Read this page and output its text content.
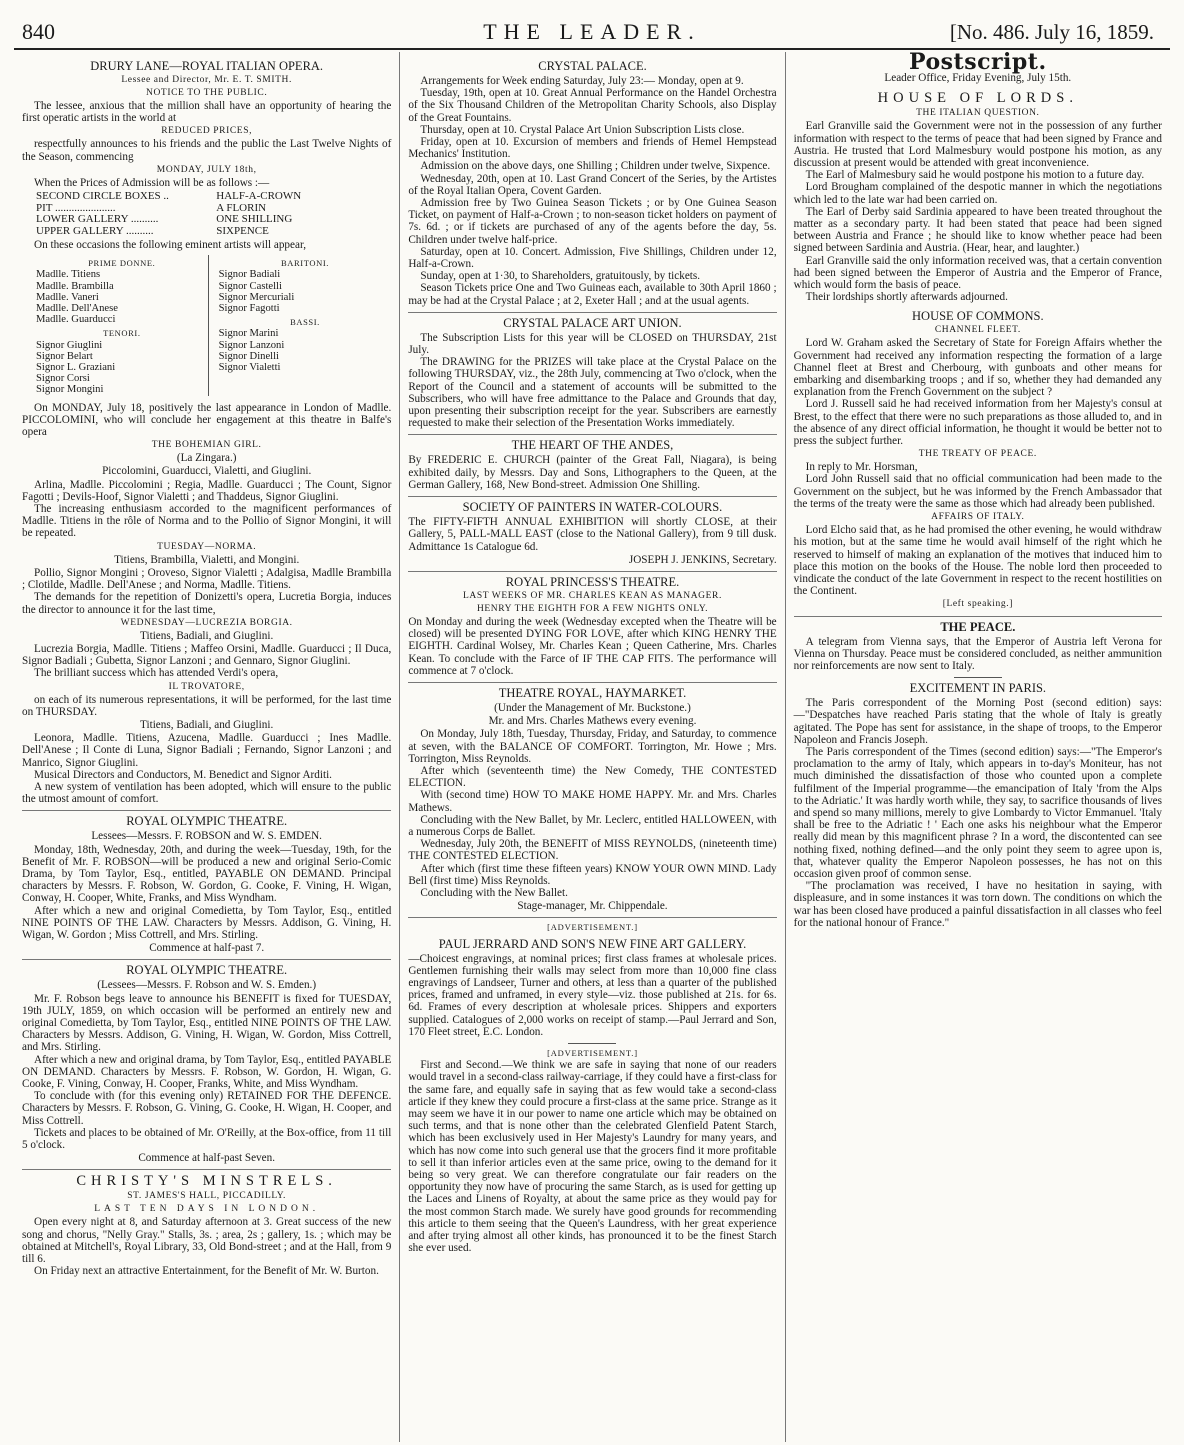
840	THE LEADER.	[No. 486. July 16, 1859.
DRURY LANE—ROYAL ITALIAN OPERA.
Lessee and Director, Mr. E. T. SMITH.
NOTICE TO THE PUBLIC.

The lessee, anxious that the million shall have an opportunity of hearing the first operatic artists in the world at

REDUCED PRICES,

respectfully announces to his friends and the public the Last Twelve Nights of the Season, commencing

MONDAY, JULY 18th,

When the Prices of Admission will be as follows :—

SECOND CIRCLE BOXES ..	HALF-A-CROWN
PIT ......................	A FLORIN
LOWER GALLERY ..........	ONE SHILLING
UPPER GALLERY ..........	SIXPENCE

On these occasions the following eminent artists will appear,

PRIME DONNE.
Madlle. Titiens
Madlle. Brambilla
Madlle. Vaneri
Madlle. Dell'Anese
Madlle. Guarducci
TENORI.
Signor Giuglini
Signor Belart
Signor L. Graziani
Signor Corsi
Signor Mongini
BARITONI.
Signor Badiali
Signor Castelli
Signor Mercuriali
Signor Fagotti
BASSI.
Signor Marini
Signor Lanzoni
Signor Dinelli
Signor Vialetti

On MONDAY, July 18, positively the last appearance in London of Madlle. PICCOLOMINI, who will conclude her engagement at this theatre in Balfe's opera

THE BOHEMIAN GIRL.
(La Zingara.)
Piccolomini, Guarducci, Vialetti, and Giuglini.

Arlina, Madlle. Piccolomini ; Regia, Madlle. Guarducci ; The Count, Signor Fagotti ; Devils-Hoof, Signor Vialetti ; and Thaddeus, Signor Giuglini.

The increasing enthusiasm accorded to the magnificent performances of Madlle. Titiens in the rôle of Norma and to the Pollio of Signor Mongini, it will be repeated.

TUESDAY—NORMA.
Titiens, Brambilla, Vialetti, and Mongini.

Pollio, Signor Mongini ; Oroveso, Signor Vialetti ; Adalgisa, Madlle Brambilla ; Clotilde, Madlle. Dell'Anese ; and Norma, Madlle. Titiens.

The demands for the repetition of Donizetti's opera, Lucretia Borgia, induces the director to announce it for the last time,

WEDNESDAY—LUCREZIA BORGIA.
Titiens, Badiali, and Giuglini.

Lucrezia Borgia, Madlle. Titiens ; Maffeo Orsini, Madlle. Guarducci ; Il Duca, Signor Badiali ; Gubetta, Signor Lanzoni ; and Gennaro, Signor Giuglini.

The brilliant success which has attended Verdi's opera,

IL TROVATORE,

on each of its numerous representations, it will be performed, for the last time on THURSDAY.

Titiens, Badiali, and Giuglini.

Leonora, Madlle. Titiens, Azucena, Madlle. Guarducci ; Ines Madlle. Dell'Anese ; Il Conte di Luna, Signor Badiali ; Fernando, Signor Lanzoni ; and Manrico, Signor Giuglini.

Musical Directors and Conductors, M. Benedict and Signor Arditi.

A new system of ventilation has been adopted, which will ensure to the public the utmost amount of comfort.

ROYAL OLYMPIC THEATRE.
Lessees—Messrs. F. ROBSON and W. S. EMDEN.

Monday, 18th, Wednesday, 20th, and during the week—Tuesday, 19th, for the Benefit of Mr. F. ROBSON—will be produced a new and original Serio-Comic Drama, by Tom Taylor, Esq., entitled, PAYABLE ON DEMAND. Principal characters by Messrs. F. Robson, W. Gordon, G. Cooke, F. Vining, H. Wigan, Conway, H. Cooper, White, Franks, and Miss Wyndham.

After which a new and original Comedietta, by Tom Taylor, Esq., entitled NINE POINTS OF THE LAW. Characters by Messrs. Addison, G. Vining, H. Wigan, W. Gordon ; Miss Cottrell, and Mrs. Stirling.

Commence at half-past 7.
ROYAL OLYMPIC THEATRE.
(Lessees—Messrs. F. Robson and W. S. Emden.)

Mr. F. Robson begs leave to announce his BENEFIT is fixed for TUESDAY, 19th JULY, 1859, on which occasion will be performed an entirely new and original Comedietta, by Tom Taylor, Esq., entitled NINE POINTS OF THE LAW. Characters by Messrs. Addison, G. Vining, H. Wigan, W. Gordon, Miss Cottrell, and Mrs. Stirling.

After which a new and original drama, by Tom Taylor, Esq., entitled PAYABLE ON DEMAND. Characters by Messrs. F. Robson, W. Gordon, H. Wigan, G. Cooke, F. Vining, Conway, H. Cooper, Franks, White, and Miss Wyndham.

To conclude with (for this evening only) RETAINED FOR THE DEFENCE. Characters by Messrs. F. Robson, G. Vining, G. Cooke, H. Wigan, H. Cooper, and Miss Cottrell.

Tickets and places to be obtained of Mr. O'Reilly, at the Box-office, from 11 till 5 o'clock.

Commence at half-past Seven.
CHRISTY'S MINSTRELS.
ST. JAMES'S HALL, PICCADILLY.
LAST TEN DAYS IN LONDON.

Open every night at 8, and Saturday afternoon at 3. Great success of the new song and chorus, "Nelly Gray." Stalls, 3s. ; area, 2s ; gallery, 1s. ; which may be obtained at Mitchell's, Royal Library, 33, Old Bond-street ; and at the Hall, from 9 till 6.

On Friday next an attractive Entertainment, for the Benefit of Mr. W. Burton.

CRYSTAL PALACE.

Arrangements for Week ending Saturday, July 23:— Monday, open at 9.

Tuesday, 19th, open at 10. Great Annual Performance on the Handel Orchestra of the Six Thousand Children of the Metropolitan Charity Schools, also Display of the Great Fountains.

Thursday, open at 10. Crystal Palace Art Union Subscription Lists close.

Friday, open at 10. Excursion of members and friends of Hemel Hempstead Mechanics' Institution.

Admission on the above days, one Shilling ; Children under twelve, Sixpence.

Wednesday, 20th, open at 10. Last Grand Concert of the Series, by the Artistes of the Royal Italian Opera, Covent Garden.

Admission free by Two Guinea Season Tickets ; or by One Guinea Season Ticket, on payment of Half-a-Crown ; to non-season ticket holders on payment of 7s. 6d. ; or if tickets are purchased of any of the agents before the day, 5s. Children under twelve half-price.

Saturday, open at 10. Concert. Admission, Five Shillings, Children under 12, Half-a-Crown.

Sunday, open at 1·30, to Shareholders, gratuitously, by tickets.

Season Tickets price One and Two Guineas each, available to 30th April 1860 ; may be had at the Crystal Palace ; at 2, Exeter Hall ; and at the usual agents.

CRYSTAL PALACE ART UNION.

The Subscription Lists for this year will be CLOSED on THURSDAY, 21st July.

The DRAWING for the PRIZES will take place at the Crystal Palace on the following THURSDAY, viz., the 28th July, commencing at Two o'clock, when the Report of the Council and a statement of accounts will be submitted to the Subscribers, who will have free admittance to the Palace and Grounds that day, upon presenting their subscription receipt for the year. Subscribers are earnestly requested to make their selection of the Presentation Works immediately.

THE HEART OF THE ANDES,

By FREDERIC E. CHURCH (painter of the Great Fall, Niagara), is being exhibited daily, by Messrs. Day and Sons, Lithographers to the Queen, at the German Gallery, 168, New Bond-street. Admission One Shilling.

SOCIETY OF PAINTERS IN WATER-COLOURS.

The FIFTY-FIFTH ANNUAL EXHIBITION will shortly CLOSE, at their Gallery, 5, PALL-MALL EAST (close to the National Gallery), from 9 till dusk. Admittance 1s Catalogue 6d.

JOSEPH J. JENKINS, Secretary.
ROYAL PRINCESS'S THEATRE.
LAST WEEKS OF MR. CHARLES KEAN AS MANAGER.
HENRY THE EIGHTH FOR A FEW NIGHTS ONLY.

On Monday and during the week (Wednesday excepted when the Theatre will be closed) will be presented DYING FOR LOVE, after which KING HENRY THE EIGHTH. Cardinal Wolsey, Mr. Charles Kean ; Queen Catherine, Mrs. Charles Kean. To conclude with the Farce of IF THE CAP FITS. The performance will commence at 7 o'clock.

THEATRE ROYAL, HAYMARKET.
(Under the Management of Mr. Buckstone.)
Mr. and Mrs. Charles Mathews every evening.

On Monday, July 18th, Tuesday, Thursday, Friday, and Saturday, to commence at seven, with the BALANCE OF COMFORT. Torrington, Mr. Howe ; Mrs. Torrington, Miss Reynolds.

After which (seventeenth time) the New Comedy, THE CONTESTED ELECTION.

With (second time) HOW TO MAKE HOME HAPPY. Mr. and Mrs. Charles Mathews.

Concluding with the New Ballet, by Mr. Leclerc, entitled HALLOWEEN, with a numerous Corps de Ballet.

Wednesday, July 20th, the BENEFIT of MISS REYNOLDS, (nineteenth time) THE CONTESTED ELECTION.

After which (first time these fifteen years) KNOW YOUR OWN MIND. Lady Bell (first time) Miss Reynolds.

Concluding with the New Ballet.

Stage-manager, Mr. Chippendale.
[ADVERTISEMENT.]
PAUL JERRARD AND SON'S NEW FINE ART GALLERY.

—Choicest engravings, at nominal prices; first class frames at wholesale prices. Gentlemen furnishing their walls may select from more than 10,000 fine class engravings of Landseer, Turner and others, at less than a quarter of the published prices, framed and unframed, in every style—viz. those published at 21s. for 6s. 6d. Frames of every description at wholesale prices. Shippers and exporters supplied. Catalogues of 2,000 works on receipt of stamp.—Paul Jerrard and Son, 170 Fleet street, E.C. London.

[ADVERTISEMENT.]

First and Second.—We think we are safe in saying that none of our readers would travel in a second-class railway-carriage, if they could have a first-class for the same fare, and equally safe in saying that as few would take a second-class article if they knew they could procure a first-class at the same price. Strange as it may seem we have it in our power to name one article which may be obtained on such terms, and that is none other than the celebrated Glenfield Patent Starch, which has been exclusively used in Her Majesty's Laundry for many years, and which has now come into such general use that the grocers find it more profitable to sell it than inferior articles even at the same price, owing to the demand for it being so very great. We can therefore congratulate our fair readers on the opportunity they now have of procuring the same Starch, as is used for getting up the Laces and Linens of Royalty, at about the same price as they would pay for the most common Starch made. We surely have good grounds for recommending this article to them seeing that the Queen's Laundress, with her great experience and after trying almost all other kinds, has pronounced it to be the finest Starch she ever used.

Postscript.
Leader Office, Friday Evening, July 15th.
HOUSE OF LORDS.
THE ITALIAN QUESTION.

Earl Granville said the Government were not in the possession of any further information with respect to the terms of peace that had been signed by France and Austria. He trusted that Lord Malmesbury would postpone his motion, as any discussion at present would be attended with great inconvenience.

The Earl of Malmesbury said he would postpone his motion to a future day.

Lord Brougham complained of the despotic manner in which the negotiations which led to the late war had been carried on.

The Earl of Derby said Sardinia appeared to have been treated throughout the matter as a secondary party. It had been stated that peace had been signed between Austria and France ; he should like to know whether peace had been signed between Sardinia and Austria. (Hear, hear, and laughter.)

Earl Granville said the only information received was, that a certain convention had been signed between the Emperor of Austria and the Emperor of France, which would form the basis of peace.

Their lordships shortly afterwards adjourned.

HOUSE OF COMMONS.
CHANNEL FLEET.

Lord W. Graham asked the Secretary of State for Foreign Affairs whether the Government had received any information respecting the formation of a large Channel fleet at Brest and Cherbourg, with gunboats and other means for embarking and disembarking troops ; and if so, whether they had demanded any explanation from the French Government on the subject ?

Lord J. Russell said he had received information from her Majesty's consul at Brest, to the effect that there were no such preparations as those alluded to, and in the absence of any direct official information, he thought it would be better not to press the subject further.

THE TREATY OF PEACE.

In reply to Mr. Horsman,

Lord John Russell said that no official communication had been made to the Government on the subject, but he was informed by the French Ambassador that the terms of the treaty were the same as those which had already been published.

AFFAIRS OF ITALY.

Lord Elcho said that, as he had promised the other evening, he would withdraw his motion, but at the same time he would avail himself of the right which he reserved to himself of making an explanation of the motives that induced him to place this motion on the books of the House. The noble lord then proceeded to vindicate the conduct of the late Government in respect to the recent hostilities on the Continent.

[Left speaking.]
THE PEACE.

A telegram from Vienna says, that the Emperor of Austria left Verona for Vienna on Thursday. Peace must be considered concluded, as neither ammunition nor reinforcements are now sent to Italy.

EXCITEMENT IN PARIS.

The Paris correspondent of the Morning Post (second edition) says:—"Despatches have reached Paris stating that the whole of Italy is greatly agitated. The Pope has sent for assistance, in the shape of troops, to the Emperor Napoleon and Francis Joseph.

The Paris correspondent of the Times (second edition) says:—"The Emperor's proclamation to the army of Italy, which appears in to-day's Moniteur, has not much diminished the dissatisfaction of those who counted upon a complete fulfilment of the Imperial programme—the emancipation of Italy 'from the Alps to the Adriatic.' It was hardly worth while, they say, to sacrifice thousands of lives and spend so many millions, merely to give Lombardy to Victor Emmanuel. 'Italy shall be free to the Adriatic ! ' Each one asks his neighbour what the Emperor really did mean by this magnificent phrase ? In a word, the discontented can see nothing fixed, nothing defined—and the only point they seem to agree upon is, that, whatever quality the Emperor Napoleon possesses, he has not on this occasion given proof of common sense.

"The proclamation was received, I have no hesitation in saying, with displeasure, and in some instances it was torn down. The conditions on which the war has been closed have produced a painful dissatisfaction in all classes who feel for the national honour of France."
